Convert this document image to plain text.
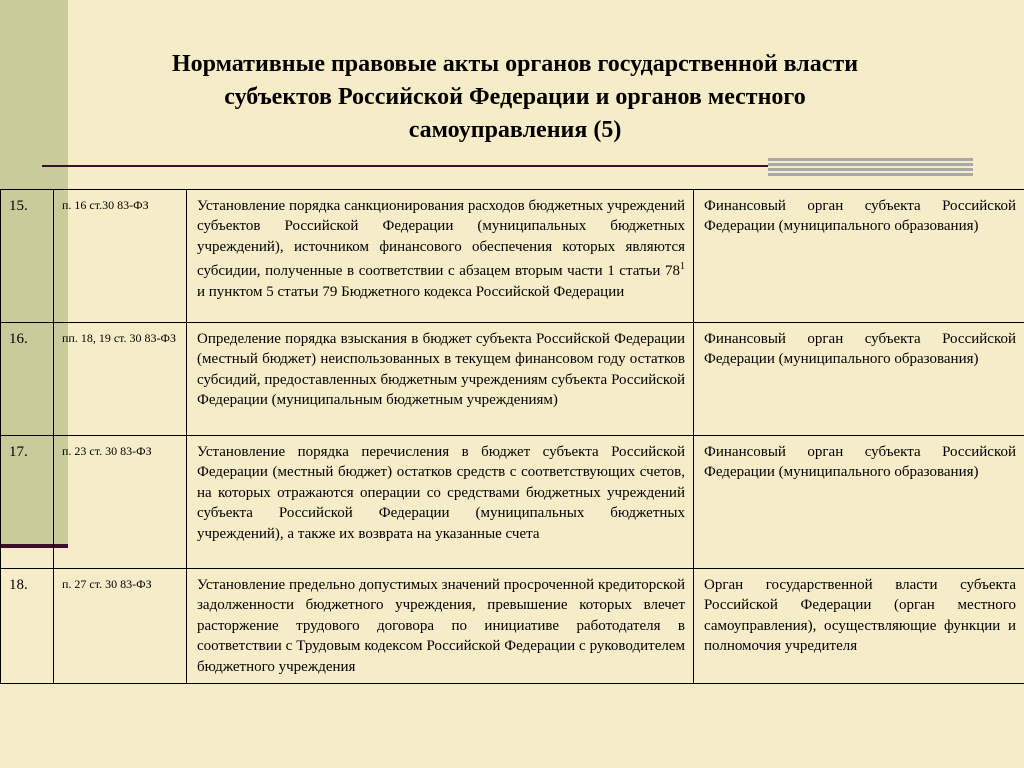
Нормативные правовые акты органов государственной власти
субъектов Российской Федерации и органов местного
самоуправления (5)
15.	п. 16 ст.30 83-ФЗ	Установление порядка санкционирования расходов бюджетных учреждений субъектов Российской Федерации (муниципальных бюджетных учреждений), источником финансового обеспечения которых являются субсидии, полученные в соответствии с абзацем вторым части 1 статьи $78^1$ и пунктом 5 статьи 79 Бюджетного кодекса Российской Федерации	Финансовый орган субъекта Российской Федерации (муниципального образования)
16.	пп. 18, 19 ст. 30 83-ФЗ	Определение порядка взыскания в бюджет субъекта Российской Федерации (местный бюджет) неиспользованных в текущем финансовом году остатков субсидий, предоставленных бюджетным учреждениям субъекта Российской Федерации (муниципальным бюджетным учреждениям)	Финансовый орган субъекта Российской Федерации (муниципального образования)
17.	п. 23 ст. 30 83-ФЗ	Установление порядка перечисления в бюджет субъекта Российской Федерации (местный бюджет) остатков средств с соответствующих счетов, на которых отражаются операции со средствами бюджетных учреждений субъекта Российской Федерации (муниципальных бюджетных учреждений), а также их возврата на указанные счета	Финансовый орган субъекта Российской Федерации (муниципального образования)
18.	п. 27 ст. 30 83-ФЗ	Установление предельно допустимых значений просроченной кредиторской задолженности бюджетного учреждения, превышение которых влечет расторжение трудового договора по инициативе работодателя в соответствии с Трудовым кодексом Российской Федерации с руководителем бюджетного учреждения	Орган государственной власти субъекта Российской Федерации (орган местного самоуправления), осуществляющие функции и полномочия учредителя
